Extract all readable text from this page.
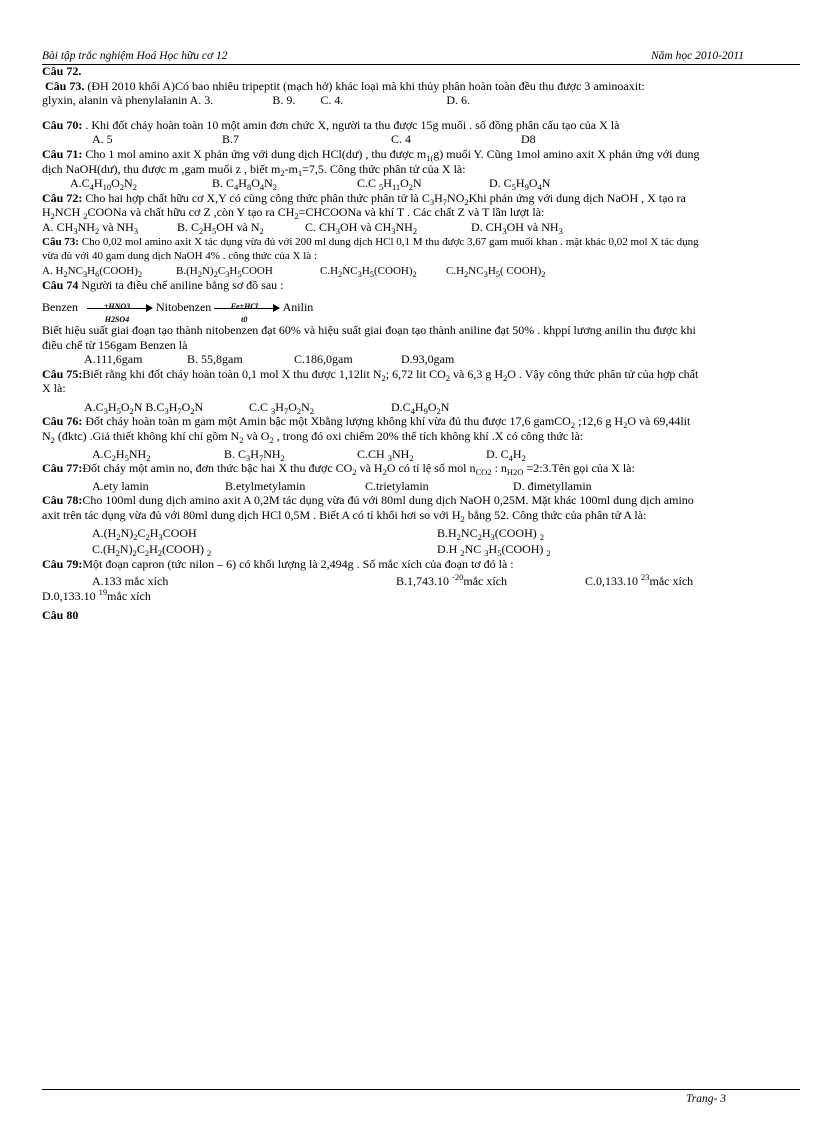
Bài tập trắc nghiệm Hoá Học hữu cơ 12	Năm học 2010-2011

Câu 72.

Câu 73. (ĐH 2010 khối A)Có bao nhiêu tripeptit (mạch hở) khác loại mà khi thủy phân hoàn toàn đều thu được 3 aminoaxit:
glyxin, alanin và phenylalanin A. 3.	B. 9. C. 4.	D. 6.

Câu 70: . Khi đốt cháy hoàn toàn 10 một amin đơn chức X, người ta thu được 15g muối . số đồng phân cấu tạo của X là

A. 5	B.7	C. 4	D8

Câu 71: Cho 1 mol amino axit X phản ứng với dung dịch HCl(dư) , thu được $m_{1(}g$) muối Y. Cũng 1mol amino axit X phản ứng với dung
dịch NaOH(dư), thu được m ,gam muối z , biết $m_2-m_1=7,5$. Công thức phân tử của X là:

$A.C_4H_{10}O_2N_2$	B. $C_4H_8O_4N_2$	C.C $_5H_{11}O_2N$	D. $C_5H_9O_4N$

Câu 72: Cho hai hợp chất hữu cơ X,Y có cùng công thức phân thức phân tử là $C_3H_7NO_2Khi$ phản ứng với dung dịch NaOH , X tạo ra
$H_2NCH$ $_2$COONa và chất hữu cơ Z ,còn Y tạo ra $CH_2=CHCOONa$ và khí T . Các chất Z và T lần lượt là:

A. $CH_3NH_2$ và $NH_3$	B. $C_2H_5OH$ và $N_2$	C. $CH_3OH$ và $CH_3NH_2$	D. $CH_3OH$ và $NH_3$

Câu 73: Cho 0,02 mol amino axit X tác dụng vừa đủ với 200 ml dung dịch HCl 0,1 M thu được 3,67 gam muối khan . mặt khác 0,02 mol X tác dụng
vừa đủ với 40 gam dung dịch NaOH 4% . công thức của X là :

A. $H_2NC_3H_6(COOH)_2$	$B.(H_2N)_2C_3H_5COOH$	$C.H_2NC_3H_5(COOH)_2$	$C.H_2NC_3H_5$( $COOH)_2$

Câu 74 Người ta điều chế aniline bằng sơ đồ sau :

Benzen	+HNO3
H2SO4
Nitobenzen	Fe+HCl
t0
Anilin

Biết hiệu suất giai đoạn tạo thành nitobenzen đạt 60% và hiệu suất giai đoạn tạo thành aniline đạt 50% . khppí lương anilin thu được khi
điều chế từ 156gam Benzen là

A.111,6gam	B. 55,8gam	C.186,0gam	D.93,0gam

Câu 75:Biết rằng khi đốt cháy hoàn toàn 0,1 mol X thu được 1,12lit $N_2$; 6,72 lit $CO_2$ và 6,3 g $H_2O$ . Vậy công thức phân tử của hợp chất
X là:

$A.C_3H_5O_2N$ $B.C_3H_7O_2N$	C.C $_3H_7O_2N_2$	$D.C_4H_9O_2N$

Câu 76: Đốt cháy hoàn toàn m gam một Amin bậc một Xbằng lượng không khí vừa đủ thu được 17,6 gamCO$_2$ ;12,6 g $H_2O$ và 69,44lit
$N_2$ (đktc) .Giả thiết không khí chỉ gồm $N_2$ và $O_2$ , trong đó oxi chiếm 20% thể tích không khí .X có công thức là:

$A.C_2H_5NH_2$	B. $C_3H_7NH_2$	C.CH $_3NH_2$	D. $C_4H_2$

Câu 77:Đốt cháy một amin no, đơn thức bậc hai X thu được $CO_2$ và $H_2O$ có tỉ lệ số mol $n_{CO2}$ : $n_{H2O}$ =2:3.Tên gọi của X là:

A.ety lamin	B.etylmetylamin	C.trietylamin	D. đimetyllamin

Câu 78:Cho 100ml dung dịch amino axit A 0,2M tác dụng vừa đủ với 80ml dung dịch NaOH 0,25M. Mặt khác 100ml dung dịch amino
axit trên tác dụng vừa đủ với 80ml dung dịch HCl 0,5M . Biết A có tỉ khối hơi so với $H_2$ bằng 52. Công thức của phân tử A là:

$A.(H_2N)_2C_2H_3COOH$	$B.H_2NC_2H_3(COOH)$ $_2$
$C.(H_2N)_2C_2H_2(COOH)$ $_2$	D.H $_2$NC $_3H_5(COOH)$ $_2$

Câu 79:Một đoạn capron (tức nilon – 6) có khối lượng là 2,494g . Số mắc xích của đoạn tơ đó là :

A.133 mắc xích	B.1,743.10 $^{-20}$mắc xích	C.0,133.10 $^{23}$mắc xích
D.0,133.10 $^{19}$mắc xích

Câu 80

Trang- 3
